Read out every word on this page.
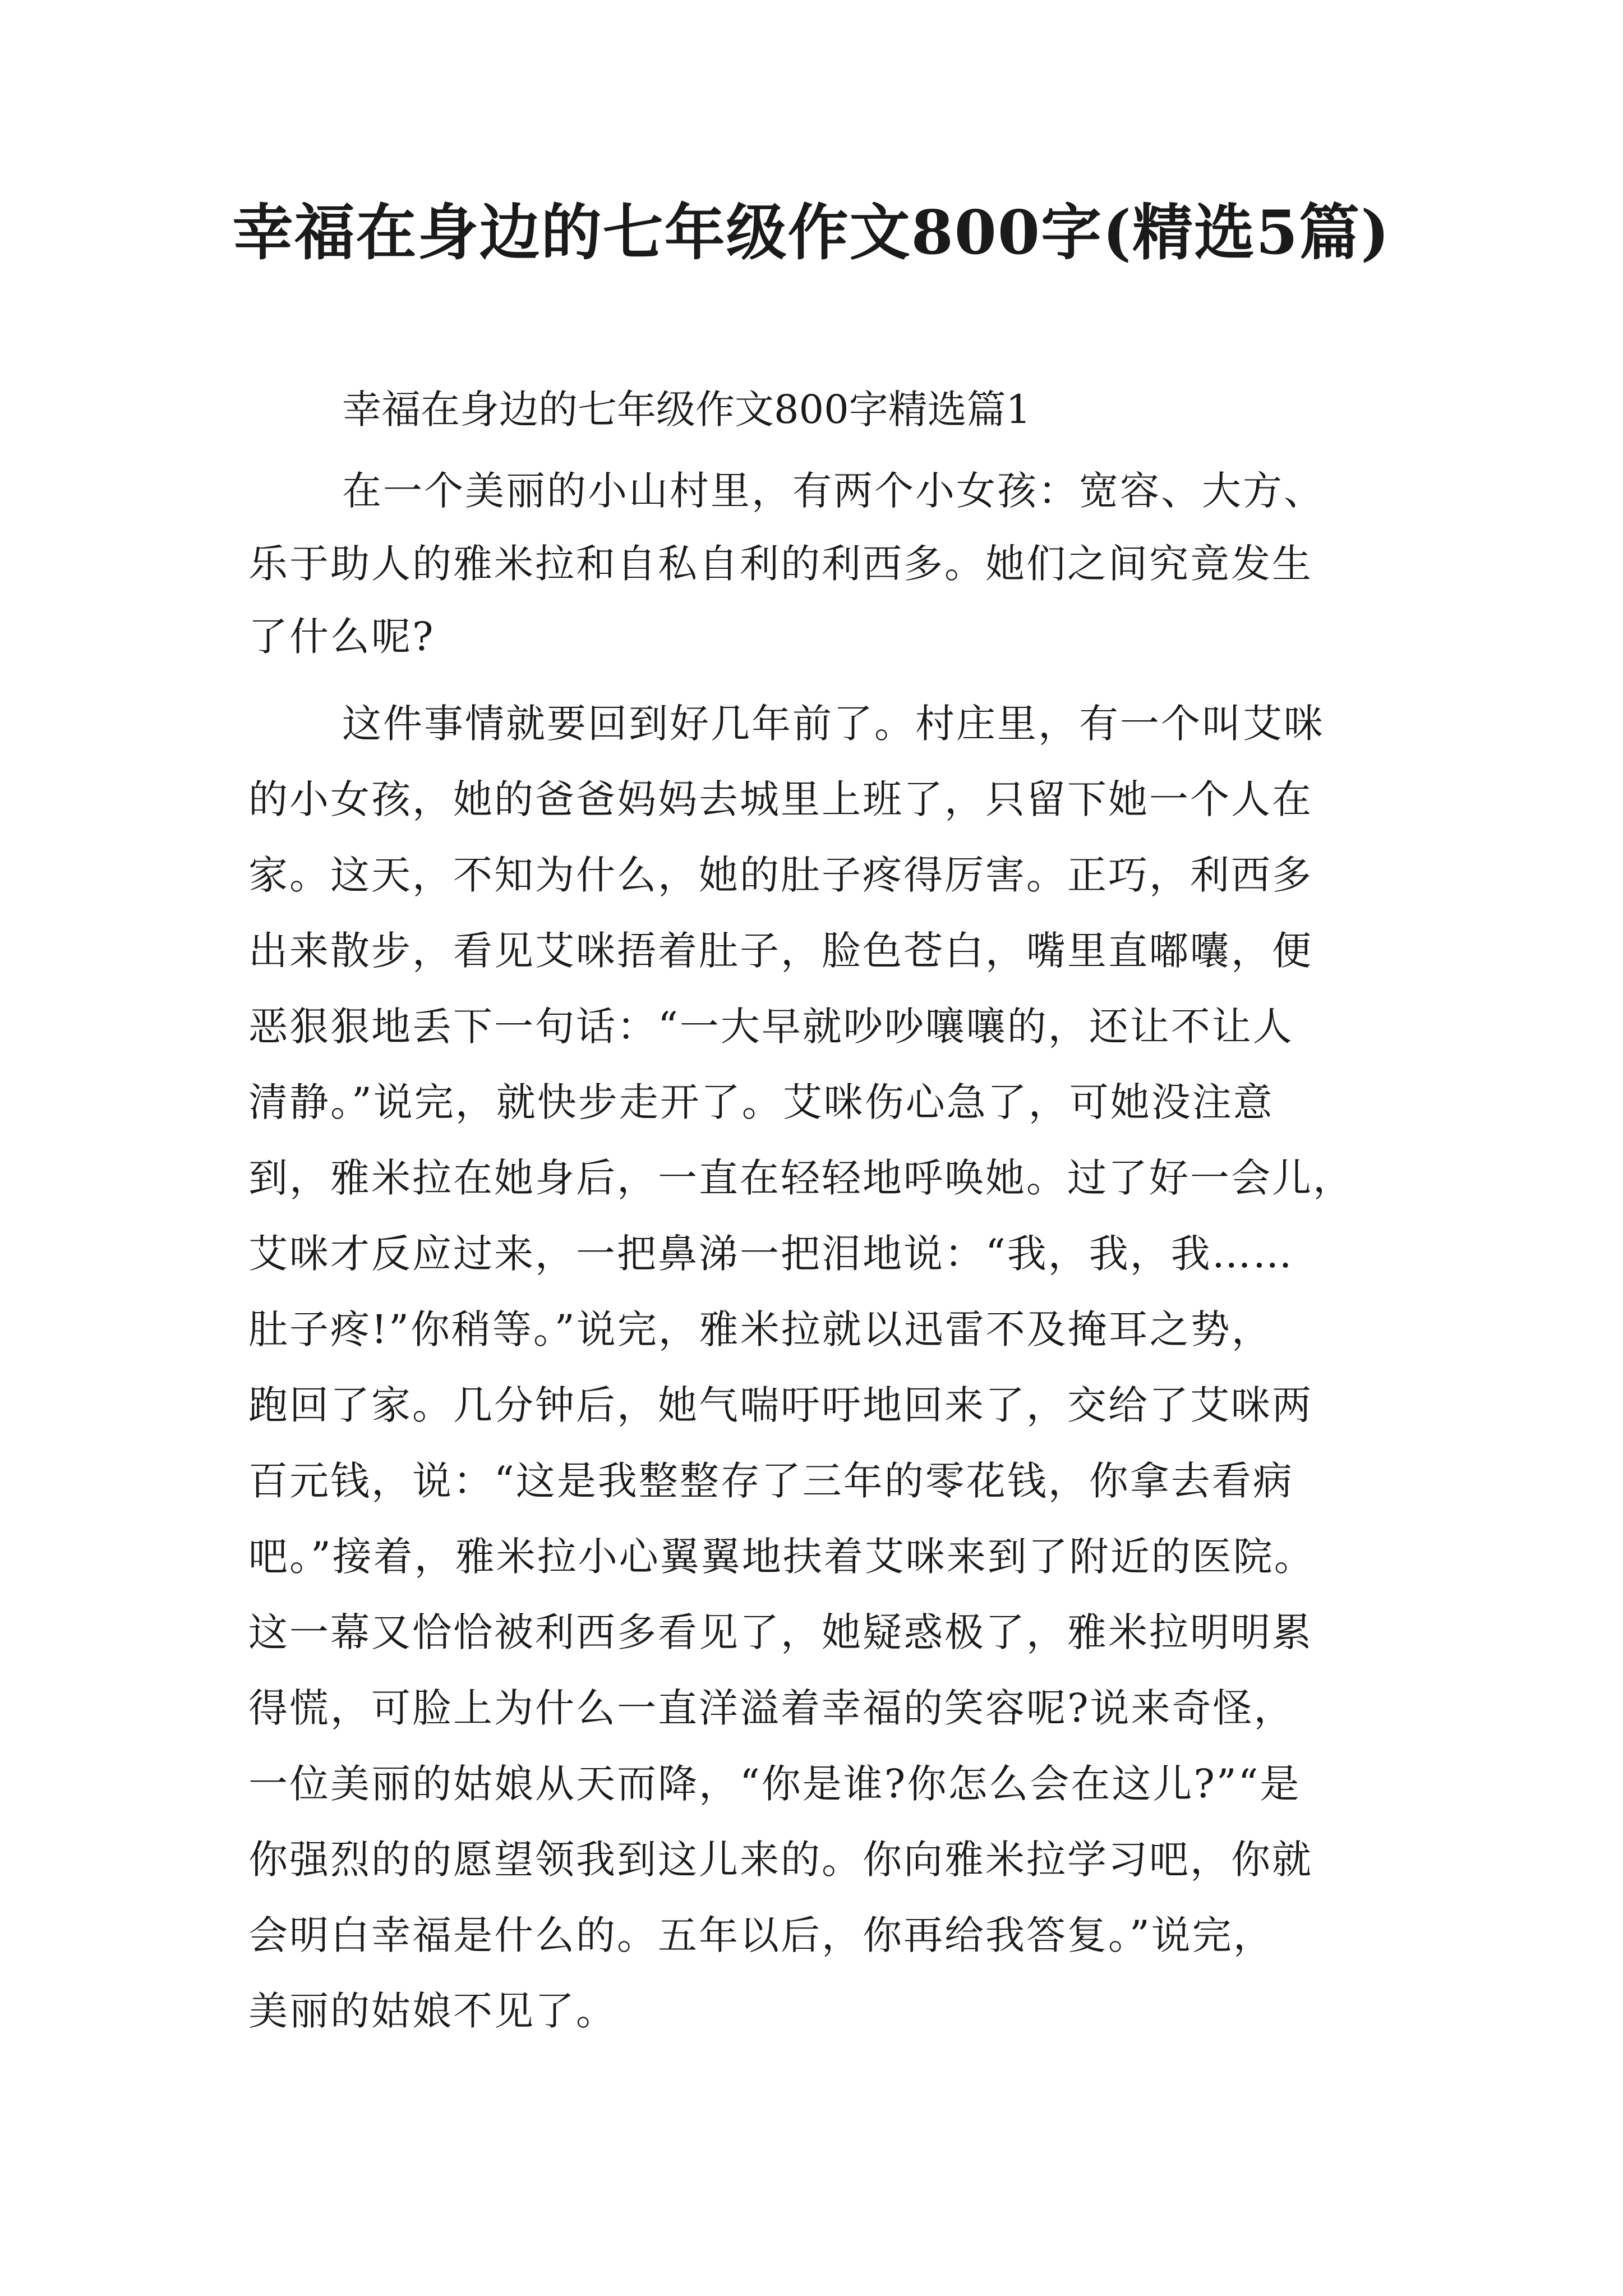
幸福在身边的七年级作文800字(精选5篇)

幸福在身边的七年级作文800字精选篇1

在一个美丽的小山村里，有两个小女孩：宽容、大方、

乐于助人的雅米拉和自私自利的利西多。她们之间究竟发生

了什么呢?

这件事情就要回到好几年前了。村庄里，有一个叫艾咪

的小女孩，她的爸爸妈妈去城里上班了，只留下她一个人在

家。这天，不知为什么，她的肚子疼得厉害。正巧，利西多

出来散步，看见艾咪捂着肚子，脸色苍白，嘴里直嘟囔，便

恶狠狠地丢下一句话：“一大早就吵吵嚷嚷的，还让不让人

清静。”说完，就快步走开了。艾咪伤心急了，可她没注意

到，雅米拉在她身后，一直在轻轻地呼唤她。过了好一会儿，

艾咪才反应过来，一把鼻涕一把泪地说：“我，我，我……

肚子疼!”你稍等。”说完，雅米拉就以迅雷不及掩耳之势，

跑回了家。几分钟后，她气喘吁吁地回来了，交给了艾咪两

百元钱，说：“这是我整整存了三年的零花钱，你拿去看病

吧。”接着，雅米拉小心翼翼地扶着艾咪来到了附近的医院。

这一幕又恰恰被利西多看见了，她疑惑极了，雅米拉明明累

得慌，可脸上为什么一直洋溢着幸福的笑容呢?说来奇怪，

一位美丽的姑娘从天而降，“你是谁?你怎么会在这儿?”“是

你强烈的的愿望领我到这儿来的。你向雅米拉学习吧，你就

会明白幸福是什么的。五年以后，你再给我答复。”说完，

美丽的姑娘不见了。
